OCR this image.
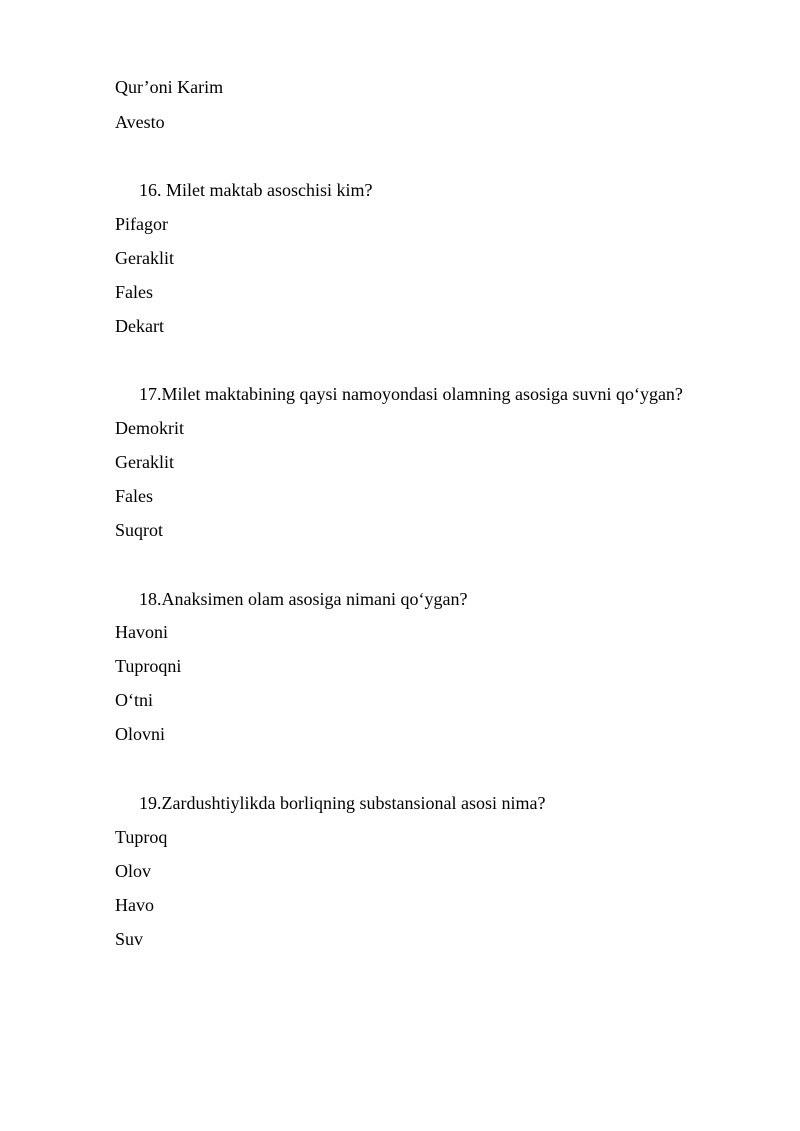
Qur’oni Karim
Avesto
16. Milet maktab asoschisi kim?
Pifagor
Geraklit
Fales
Dekart
17.Milet maktabining qaysi namoyondasi olamning asosiga suvni qo‘ygan?
Demokrit
Geraklit
Fales
Suqrot
18.Anaksimen olam asosiga nimani qo‘ygan?
Havoni
Tuproqni
O‘tni
Olovni
19.Zardushtiylikda borliqning substansional asosi nima?
Tuproq
Olov
Havo
Suv
